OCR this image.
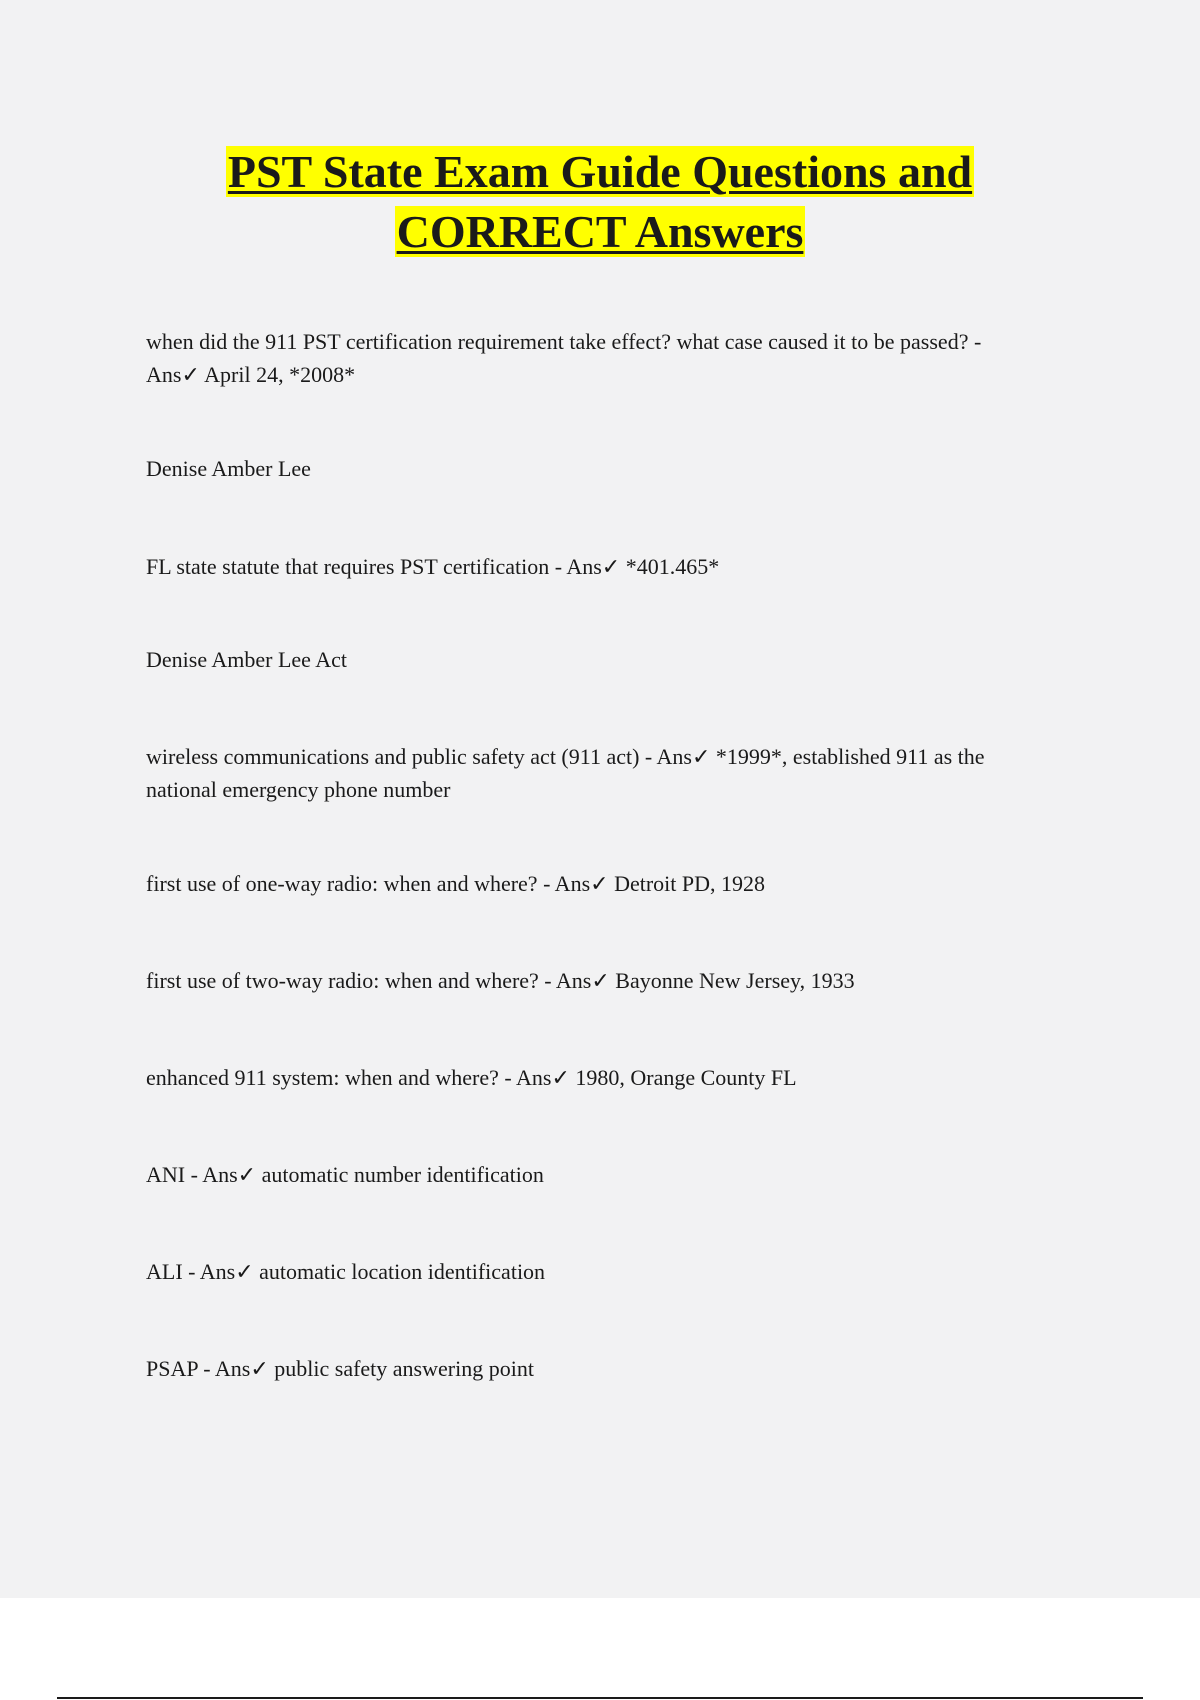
PST State Exam Guide Questions and
CORRECT Answers

when did the 911 PST certification requirement take effect? what case caused it to be passed? -
Ans✓ April 24, *2008*

Denise Amber Lee

FL state statute that requires PST certification - Ans✓ *401.465*

Denise Amber Lee Act

wireless communications and public safety act (911 act) - Ans✓ *1999*, established 911 as the
national emergency phone number

first use of one-way radio: when and where? - Ans✓ Detroit PD, 1928

first use of two-way radio: when and where? - Ans✓ Bayonne New Jersey, 1933

enhanced 911 system: when and where? - Ans✓ 1980, Orange County FL

ANI - Ans✓ automatic number identification

ALI - Ans✓ automatic location identification

PSAP - Ans✓ public safety answering point
